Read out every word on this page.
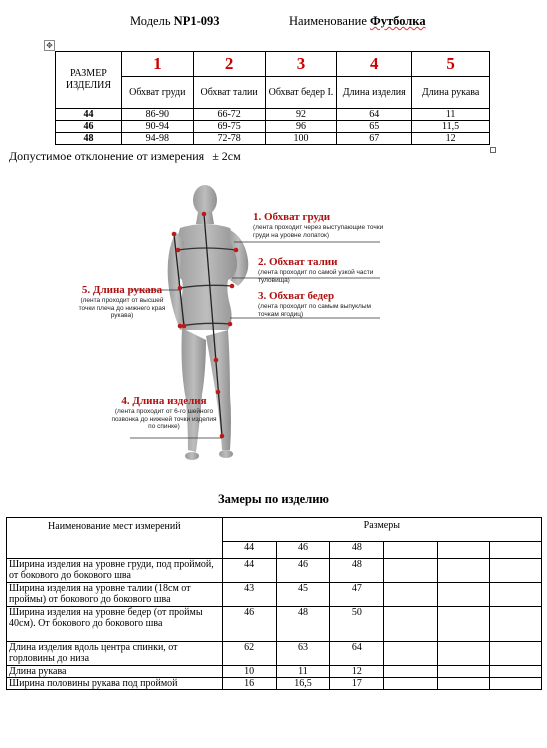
Модель NP1-093	Наименование Футболка
✥
РАЗМЕР ИЗДЕЛИЯ	1	2	3	4	5
	Обхват груди	Обхват талии	Обхват бедер I.	Длина изделия	Длина рукава
44	86-90	66-72	92	64	11
46	90-94	69-75	96	65	11,5
48	94-98	72-78	100	67	12
Допустимое отклонение от измерения ± 2см
1. Обхват груди
(лента проходит через выступающие точки груди на уровне лопаток)
2. Обхват талии
(лента проходит по самой узкой части туловища)
3. Обхват бедер
(лента проходит по самым выпуклым точкам ягодиц)
5. Длина рукава
(лента проходит от высшей точки плеча до нижнего края рукава)
4. Длина изделия
(лента проходит от 6-го шейного позвонка до нижней точки изделия по спинке)
Замеры по изделию
Наименование мест измерений	Размеры					
	44	46	48			
Ширина изделия на уровне груди, под проймой, от бокового до бокового шва	44	46	48			
Ширина изделия на уровне талии (18см от проймы) от бокового до бокового шва	43	45	47			
Ширина изделия на уровне бедер (от проймы 40см). От бокового до бокового шва	46	48	50			
Длина изделия вдоль центра спинки, от горловины до низа	62	63	64			
Длина рукава	10	11	12			
Ширина половины рукава под проймой	16	16,5	17			
